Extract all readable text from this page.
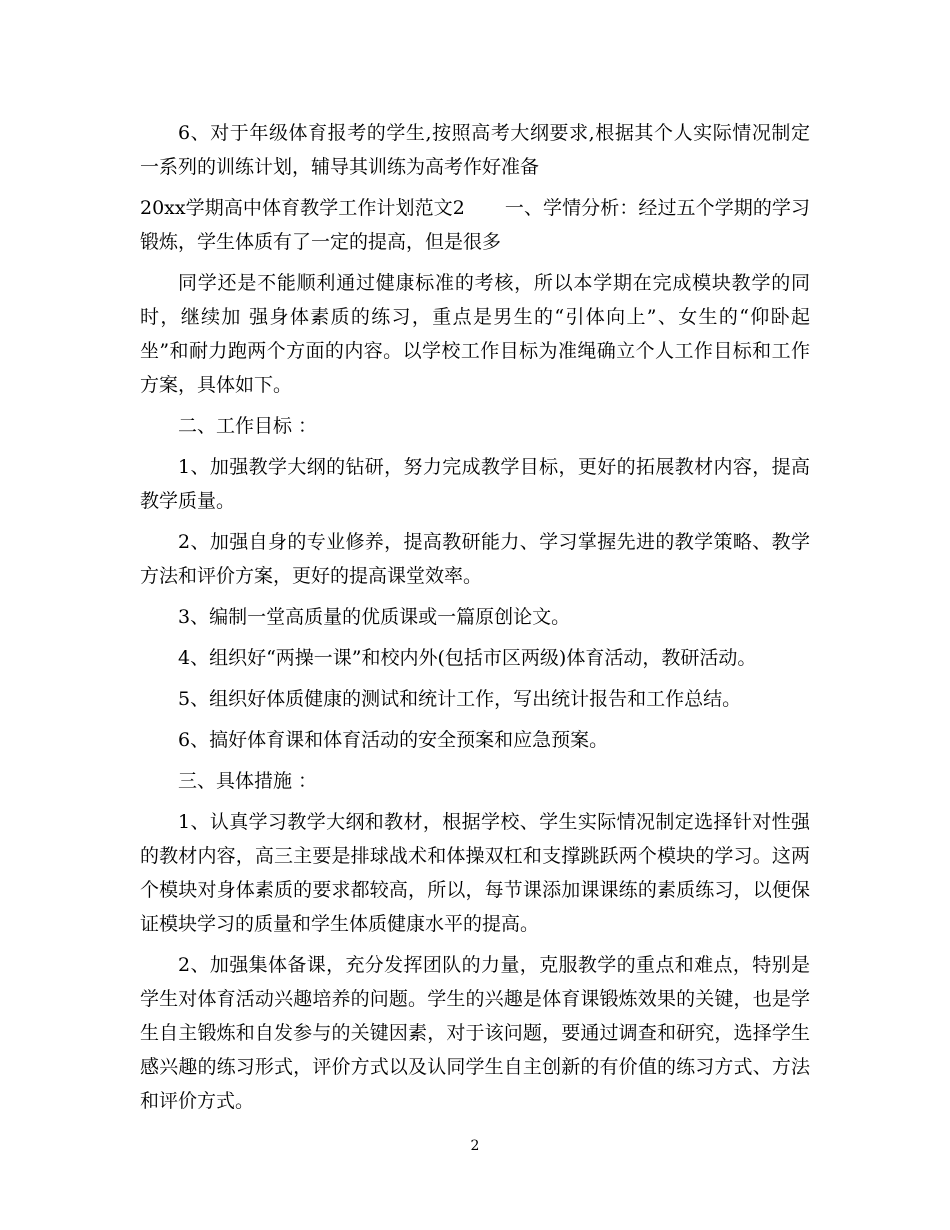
6、对于年级体育报考的学生,按照高考大纲要求,根据其个人实际情况制定一系列的训练计划，辅导其训练为高考作好准备

20xx学期高中体育教学工作计划范文2 一、学情分析：经过五个学期的学习锻炼，学生体质有了一定的提高，但是很多

同学还是不能顺利通过健康标准的考核，所以本学期在完成模块教学的同时，继续加 强身体素质的练习，重点是男生的“引体向上”、女生的“仰卧起坐”和耐力跑两个方面的内容。以学校工作目标为准绳确立个人工作目标和工作方案，具体如下。

二、工作目标 ：

1、加强教学大纲的钻研，努力完成教学目标，更好的拓展教材内容，提高教学质量。

2、加强自身的专业修养，提高教研能力、学习掌握先进的教学策略、教学方法和评价方案，更好的提高课堂效率。

3、编制一堂高质量的优质课或一篇原创论文。

4、组织好“两操一课”和校内外(包括市区两级)体育活动，教研活动。

5、组织好体质健康的测试和统计工作，写出统计报告和工作总结。

6、搞好体育课和体育活动的安全预案和应急预案。

三、具体措施 ：

1、认真学习教学大纲和教材，根据学校、学生实际情况制定选择针对性强的教材内容，高三主要是排球战术和体操双杠和支撑跳跃两个模块的学习。这两个模块对身体素质的要求都较高，所以，每节课添加课课练的素质练习，以便保证模块学习的质量和学生体质健康水平的提高。

2、加强集体备课，充分发挥团队的力量，克服教学的重点和难点，特别是学生对体育活动兴趣培养的问题。学生的兴趣是体育课锻炼效果的关键，也是学生自主锻炼和自发参与的关键因素，对于该问题，要通过调查和研究，选择学生感兴趣的练习形式，评价方式以及认同学生自主创新的有价值的练习方式、方法和评价方式。

2
